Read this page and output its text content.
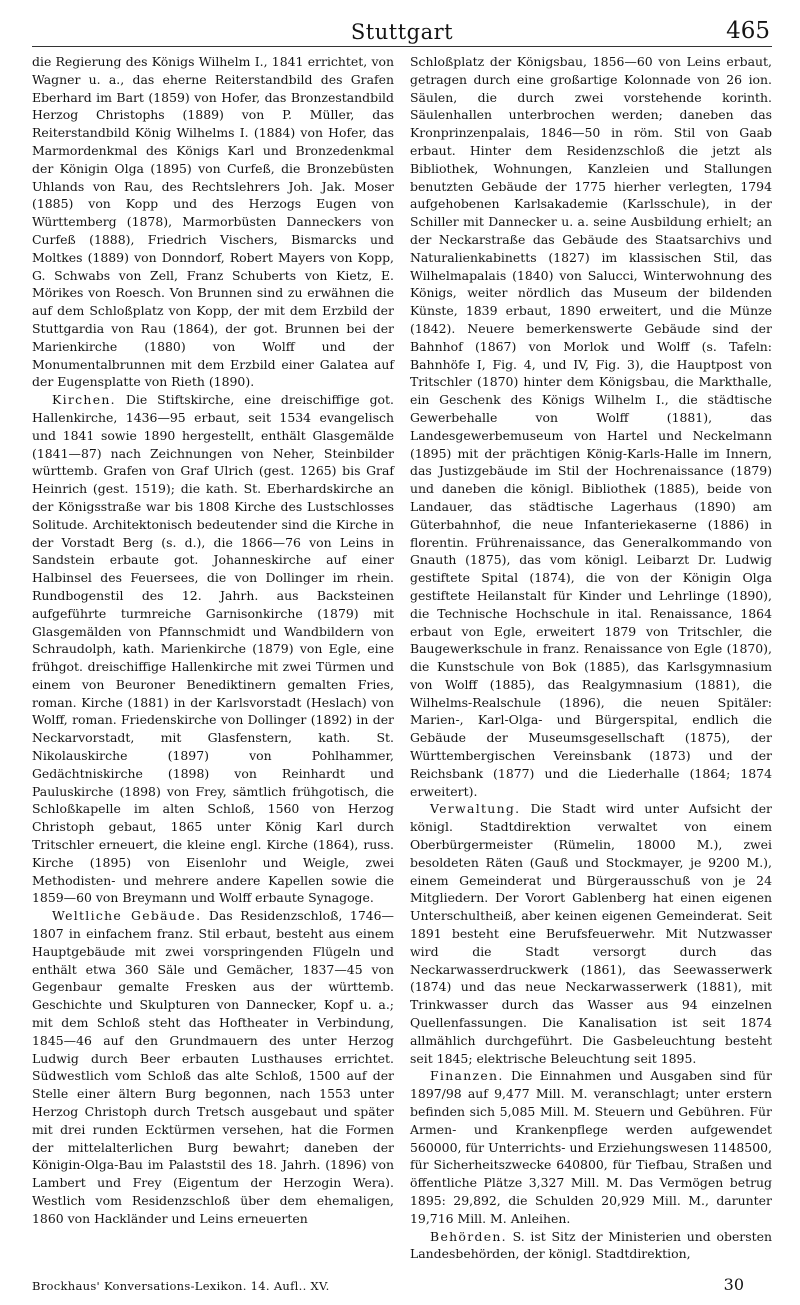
Stuttgart	465

die Regierung des Königs Wilhelm I., 1841 errichtet, von Wagner u. a., das eherne Reiterstandbild des Grafen Eberhard im Bart (1859) von Hofer, das Bronzestandbild Herzog Christophs (1889) von P. Müller, das Reiterstandbild König Wilhelms I. (1884) von Hofer, das Marmordenkmal des Königs Karl und Bronzedenkmal der Königin Olga (1895) von Curfeß, die Bronzebüsten Uhlands von Rau, des Rechtslehrers Joh. Jak. Moser (1885) von Kopp und des Herzogs Eugen von Württemberg (1878), Marmorbüsten Danneckers von Curfeß (1888), Friedrich Vischers, Bismarcks und Moltkes (1889) von Donndorf, Robert Mayers von Kopp, G. Schwabs von Zell, Franz Schuberts von Kietz, E. Mörikes von Roesch. Von Brunnen sind zu erwähnen die auf dem Schloßplatz von Kopp, der mit dem Erzbild der Stuttgardia von Rau (1864), der got. Brunnen bei der Marienkirche (1880) von Wolff und der Monumentalbrunnen mit dem Erzbild einer Galatea auf der Eugensplatte von Rieth (1890).

Kirchen. Die Stiftskirche, eine dreischiffige got. Hallenkirche, 1436—95 erbaut, seit 1534 evangelisch und 1841 sowie 1890 hergestellt, enthält Glasgemälde (1841—87) nach Zeichnungen von Neher, Steinbilder württemb. Grafen von Graf Ulrich (gest. 1265) bis Graf Heinrich (gest. 1519); die kath. St. Eberhardskirche an der Königsstraße war bis 1808 Kirche des Lustschlosses Solitude. Architektonisch bedeutender sind die Kirche in der Vorstadt Berg (s. d.), die 1866—76 von Leins in Sandstein erbaute got. Johanneskirche auf einer Halbinsel des Feuersees, die von Dollinger im rhein. Rundbogenstil des 12. Jahrh. aus Backsteinen aufgeführte turmreiche Garnisonkirche (1879) mit Glasgemälden von Pfannschmidt und Wandbildern von Schraudolph, kath. Marienkirche (1879) von Egle, eine frühgot. dreischiffige Hallenkirche mit zwei Türmen und einem von Beuroner Benediktinern gemalten Fries, roman. Kirche (1881) in der Karlsvorstadt (Heslach) von Wolff, roman. Friedenskirche von Dollinger (1892) in der Neckarvorstadt, mit Glasfenstern, kath. St. Nikolauskirche (1897) von Pohlhammer, Gedächtniskirche (1898) von Reinhardt und Pauluskirche (1898) von Frey, sämtlich frühgotisch, die Schloßkapelle im alten Schloß, 1560 von Herzog Christoph gebaut, 1865 unter König Karl durch Tritschler erneuert, die kleine engl. Kirche (1864), russ. Kirche (1895) von Eisenlohr und Weigle, zwei Methodisten- und mehrere andere Kapellen sowie die 1859—60 von Breymann und Wolff erbaute Synagoge.

Weltliche Gebäude. Das Residenzschloß, 1746—1807 in einfachem franz. Stil erbaut, besteht aus einem Hauptgebäude mit zwei vorspringenden Flügeln und enthält etwa 360 Säle und Gemächer, 1837—45 von Gegenbaur gemalte Fresken aus der württemb. Geschichte und Skulpturen von Dannecker, Kopf u. a.; mit dem Schloß steht das Hoftheater in Verbindung, 1845—46 auf den Grundmauern des unter Herzog Ludwig durch Beer erbauten Lusthauses errichtet. Südwestlich vom Schloß das alte Schloß, 1500 auf der Stelle einer ältern Burg begonnen, nach 1553 unter Herzog Christoph durch Tretsch ausgebaut und später mit drei runden Ecktürmen versehen, hat die Formen der mittelalterlichen Burg bewahrt; daneben der Königin-Olga-Bau im Palaststil des 18. Jahrh. (1896) von Lambert und Frey (Eigentum der Herzogin Wera). Westlich vom Residenzschloß über dem ehemaligen, 1860 von Hackländer und Leins erneuerten

Schloßplatz der Königsbau, 1856—60 von Leins erbaut, getragen durch eine großartige Kolonnade von 26 ion. Säulen, die durch zwei vorstehende korinth. Säulenhallen unterbrochen werden; daneben das Kronprinzenpalais, 1846—50 in röm. Stil von Gaab erbaut. Hinter dem Residenzschloß die jetzt als Bibliothek, Wohnungen, Kanzleien und Stallungen benutzten Gebäude der 1775 hierher verlegten, 1794 aufgehobenen Karlsakademie (Karlsschule), in der Schiller mit Dannecker u. a. seine Ausbildung erhielt; an der Neckarstraße das Gebäude des Staatsarchivs und Naturalienkabinetts (1827) im klassischen Stil, das Wilhelmapalais (1840) von Salucci, Winterwohnung des Königs, weiter nördlich das Museum der bildenden Künste, 1839 erbaut, 1890 erweitert, und die Münze (1842). Neuere bemerkenswerte Gebäude sind der Bahnhof (1867) von Morlok und Wolff (s. Tafeln: Bahnhöfe I, Fig. 4, und IV, Fig. 3), die Hauptpost von Tritschler (1870) hinter dem Königsbau, die Markthalle, ein Geschenk des Königs Wilhelm I., die städtische Gewerbehalle von Wolff (1881), das Landesgewerbemuseum von Hartel und Neckelmann (1895) mit der prächtigen König-Karls-Halle im Innern, das Justizgebäude im Stil der Hochrenaissance (1879) und daneben die königl. Bibliothek (1885), beide von Landauer, das städtische Lagerhaus (1890) am Güterbahnhof, die neue Infanteriekaserne (1886) in florentin. Frührenaissance, das Generalkommando von Gnauth (1875), das vom königl. Leibarzt Dr. Ludwig gestiftete Spital (1874), die von der Königin Olga gestiftete Heilanstalt für Kinder und Lehrlinge (1890), die Technische Hochschule in ital. Renaissance, 1864 erbaut von Egle, erweitert 1879 von Tritschler, die Baugewerkschule in franz. Renaissance von Egle (1870), die Kunstschule von Bok (1885), das Karlsgymnasium von Wolff (1885), das Realgymnasium (1881), die Wilhelms-Realschule (1896), die neuen Spitäler: Marien-, Karl-Olga- und Bürgerspital, endlich die Gebäude der Museumsgesellschaft (1875), der Württembergischen Vereinsbank (1873) und der Reichsbank (1877) und die Liederhalle (1864; 1874 erweitert).

Verwaltung. Die Stadt wird unter Aufsicht der königl. Stadtdirektion verwaltet von einem Oberbürgermeister (Rümelin, 18000 M.), zwei besoldeten Räten (Gauß und Stockmayer, je 9200 M.), einem Gemeinderat und Bürgerausschuß von je 24 Mitgliedern. Der Vorort Gablenberg hat einen eigenen Unterschultheiß, aber keinen eigenen Gemeinderat. Seit 1891 besteht eine Berufsfeuerwehr. Mit Nutzwasser wird die Stadt versorgt durch das Neckarwasserdruckwerk (1861), das Seewasserwerk (1874) und das neue Neckarwasserwerk (1881), mit Trinkwasser durch das Wasser aus 94 einzelnen Quellenfassungen. Die Kanalisation ist seit 1874 allmählich durchgeführt. Die Gasbeleuchtung besteht seit 1845; elektrische Beleuchtung seit 1895.

Finanzen. Die Einnahmen und Ausgaben sind für 1897/98 auf 9,477 Mill. M. veranschlagt; unter erstern befinden sich 5,085 Mill. M. Steuern und Gebühren. Für Armen- und Krankenpflege werden aufgewendet 560000, für Unterrichts- und Erziehungswesen 1148500, für Sicherheitszwecke 640800, für Tiefbau, Straßen und öffentliche Plätze 3,327 Mill. M. Das Vermögen betrug 1895: 29,892, die Schulden 20,929 Mill. M., darunter 19,716 Mill. M. Anleihen.

Behörden. S. ist Sitz der Ministerien und obersten Landesbehörden, der königl. Stadtdirektion,

Brockhaus' Konversations-Lexikon. 14. Aufl.. XV.	30
